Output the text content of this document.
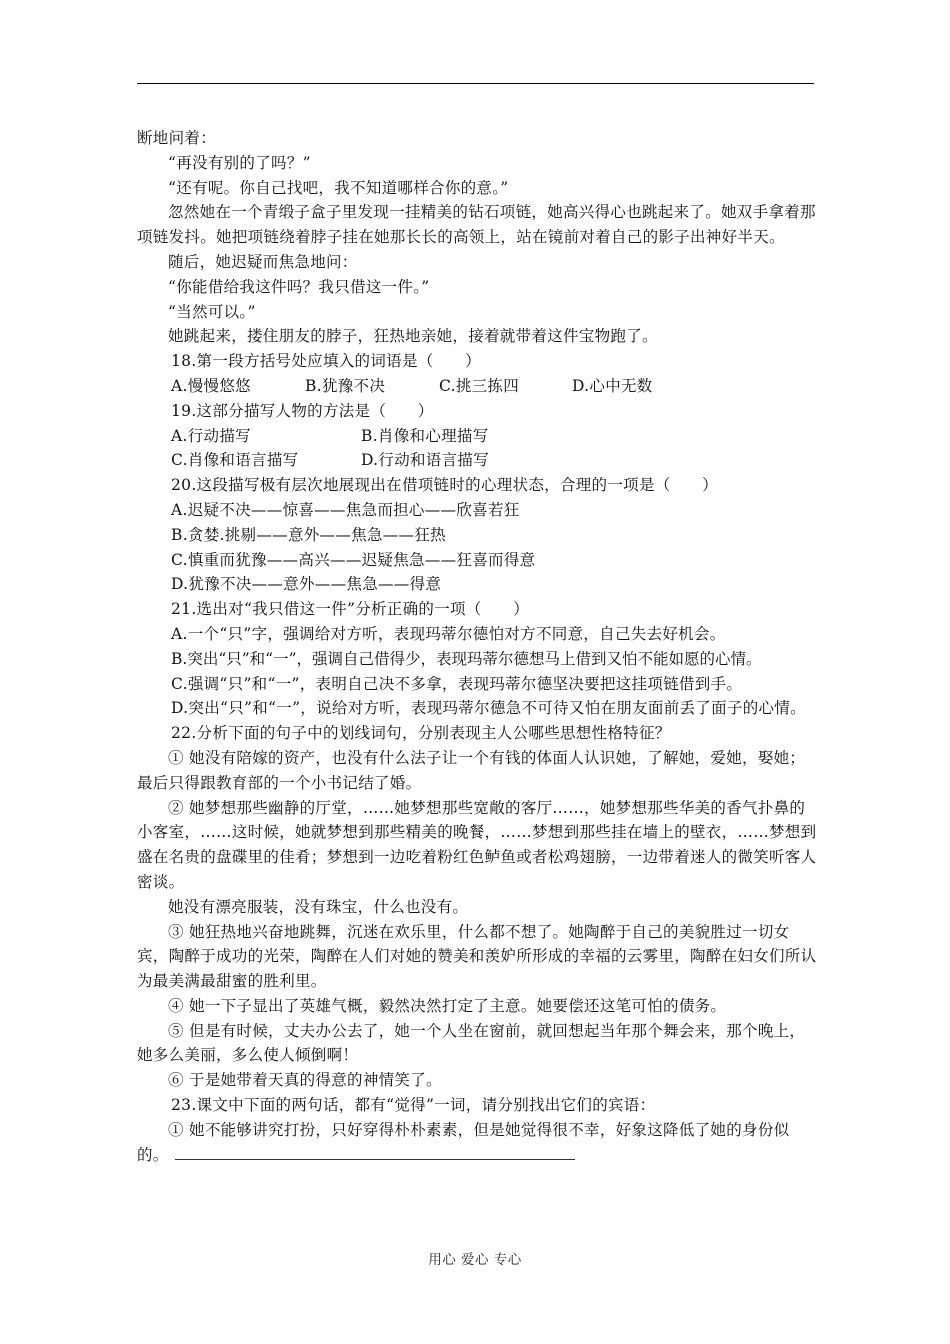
断地问着：

“再没有别的了吗？”

“还有呢。你自己找吧，我不知道哪样合你的意。”

忽然她在一个青缎子盒子里发现一挂精美的钻石项链，她高兴得心也跳起来了。她双手拿着那项链发抖。她把项链绕着脖子挂在她那长长的高领上，站在镜前对着自己的影子出神好半天。

随后，她迟疑而焦急地问：

“你能借给我这件吗？我只借这一件。”

“当然可以。”

她跳起来，搂住朋友的脖子，狂热地亲她，接着就带着这件宝物跑了。

18.第一段方括号处应填入的词语是（　　）

A.慢慢悠悠	B.犹豫不决	C.挑三拣四	D.心中无数

19.这部分描写人物的方法是（　　）

A.行动描写	B.肖像和心理描写
C.肖像和语言描写	D.行动和语言描写

20.这段描写极有层次地展现出在借项链时的心理状态，合理的一项是（　　）

A.迟疑不决——惊喜——焦急而担心——欣喜若狂

B.贪婪.挑剔——意外——焦急——狂热

C.慎重而犹豫——高兴——迟疑焦急——狂喜而得意

D.犹豫不决——意外——焦急——得意

21.选出对“我只借这一件”分析正确的一项（　　）

A.一个“只”字，强调给对方听，表现玛蒂尔德怕对方不同意，自己失去好机会。

B.突出“只”和“一”，强调自己借得少，表现玛蒂尔德想马上借到又怕不能如愿的心情。

C.强调“只”和“一”，表明自己决不多拿，表现玛蒂尔德坚决要把这挂项链借到手。

D.突出“只”和“一”，说给对方听，表现玛蒂尔德急不可待又怕在朋友面前丢了面子的心情。

22.分析下面的句子中的划线词句，分别表现主人公哪些思想性格特征？

① 她没有陪嫁的资产，也没有什么法子让一个有钱的体面人认识她，了解她，爱她，娶她；最后只得跟教育部的一个小书记结了婚。

② 她梦想那些幽静的厅堂，……她梦想那些宽敞的客厅……，她梦想那些华美的香气扑鼻的小客室，……这时候，她就梦想到那些精美的晚餐，……梦想到那些挂在墙上的壁衣，……梦想到盛在名贵的盘碟里的佳肴；梦想到一边吃着粉红色鲈鱼或者松鸡翅膀，一边带着迷人的微笑听客人密谈。

她没有漂亮服装，没有珠宝，什么也没有。

③ 她狂热地兴奋地跳舞，沉迷在欢乐里，什么都不想了。她陶醉于自己的美貌胜过一切女宾，陶醉于成功的光荣，陶醉在人们对她的赞美和羡妒所形成的幸福的云雾里，陶醉在妇女们所认为最美满最甜蜜的胜利里。

④ 她一下子显出了英雄气概，毅然决然打定了主意。她要偿还这笔可怕的债务。

⑤ 但是有时候，丈夫办公去了，她一个人坐在窗前，就回想起当年那个舞会来，那个晚上，她多么美丽，多么使人倾倒啊！

⑥ 于是她带着天真的得意的神情笑了。

23.课文中下面的两句话，都有“觉得”一词，请分别找出它们的宾语：

① 她不能够讲究打扮，只好穿得朴朴素素，但是她觉得很不幸，好象这降低了她的身份似的。

用心 爱心 专心
